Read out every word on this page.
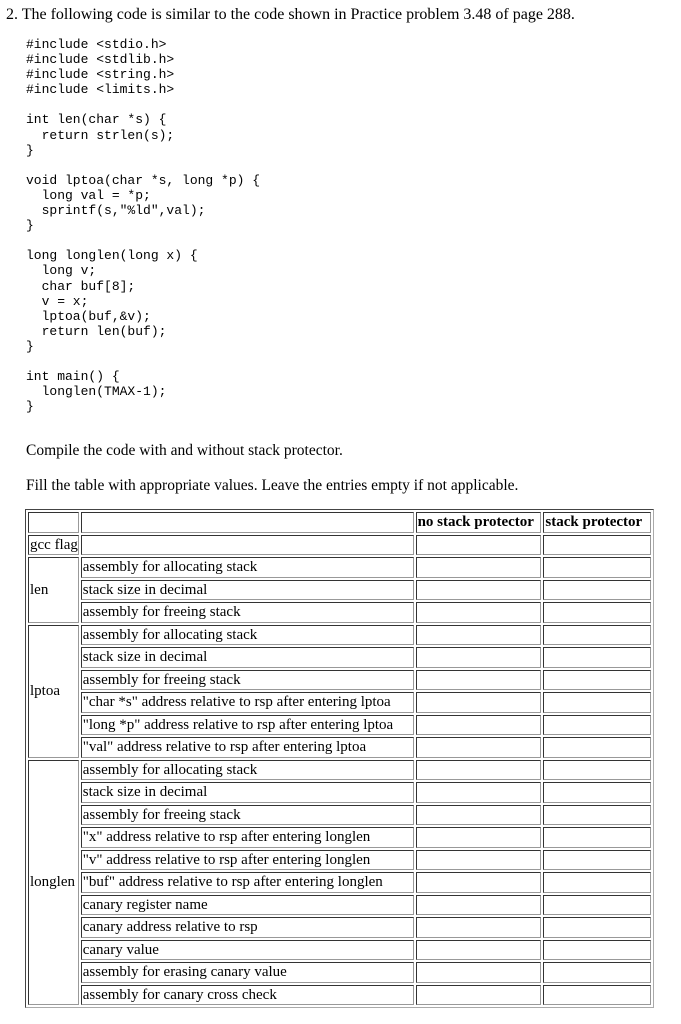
2. The following code is similar to the code shown in Practice problem 3.48 of page 288.
#include <stdio.h>
#include <stdlib.h>
#include <string.h>
#include <limits.h>
int len(char *s) {
return strlen(s);
}
void lptoa(char *s, long *p) {
long val = *p;
sprintf(s,"%ld",val);
}
long longlen(long x) {
long v;
char buf[8];
v = x;
lptoa(buf,&v);
return len(buf);
}
int main() {
longlen(TMAX-1);
}
Compile the code with and without stack protector.
Fill the table with appropriate values. Leave the entries empty if not applicable.
		no stack protector	stack protector
gcc flag			
len	assembly for allocating stack		
	stack size in decimal		
	assembly for freeing stack		
lptoa	assembly for allocating stack		
	stack size in decimal		
	assembly for freeing stack		
	"char *s" address relative to rsp after entering lptoa		
	"long *p" address relative to rsp after entering lptoa		
	"val" address relative to rsp after entering lptoa		
longlen	assembly for allocating stack		
	stack size in decimal		
	assembly for freeing stack		
	"x" address relative to rsp after entering longlen		
	"v" address relative to rsp after entering longlen		
	"buf" address relative to rsp after entering longlen		
	canary register name		
	canary address relative to rsp		
	canary value		
	assembly for erasing canary value		
	assembly for canary cross check		
